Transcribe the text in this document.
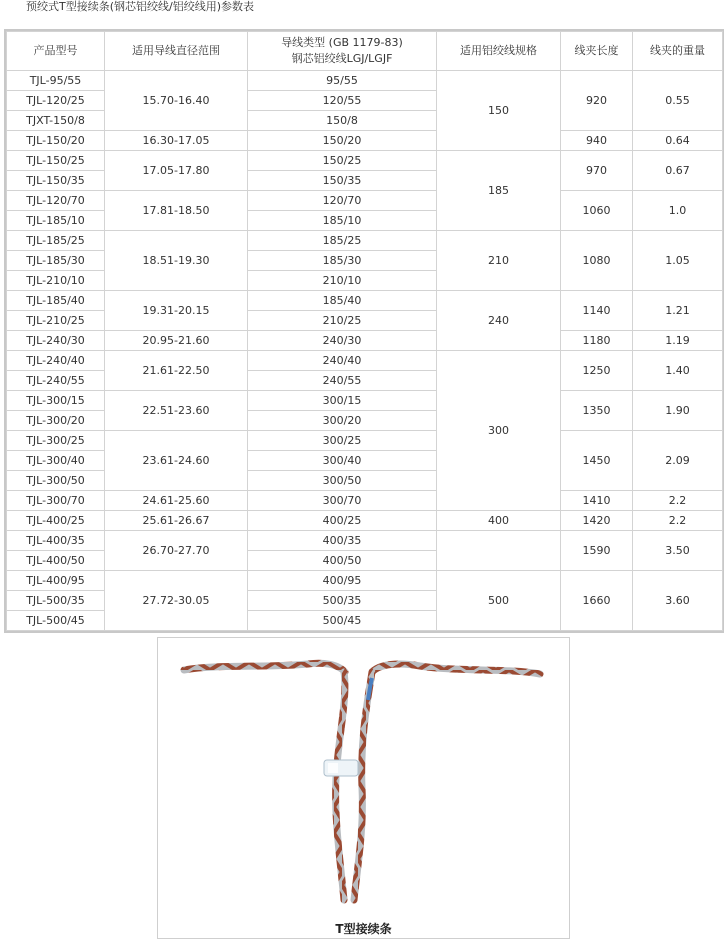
预绞式T型接续条(钢芯铝绞线/铝绞线用)参数表
产品型号	适用导线直径范围	导线类型 (GB 1179-83)
钢芯铝绞线LGJ/LGJF	适用铝绞线规格	线夹长度	线夹的重量
TJL-95/55	15.70-16.40	95/55	150	920	0.55
TJL-120/25		120/55			
TJXT-150/8		150/8			
TJL-150/20	16.30-17.05	150/20		940	0.64
TJL-150/25	17.05-17.80	150/25	185	970	0.67
TJL-150/35		150/35			
TJL-120/70	17.81-18.50	120/70		1060	1.0
TJL-185/10		185/10			
TJL-185/25	18.51-19.30	185/25	210	1080	1.05
TJL-185/30		185/30			
TJL-210/10		210/10			
TJL-185/40	19.31-20.15	185/40	240	1140	1.21
TJL-210/25		210/25			
TJL-240/30	20.95-21.60	240/30		1180	1.19
TJL-240/40	21.61-22.50	240/40	300	1250	1.40
TJL-240/55		240/55			
TJL-300/15	22.51-23.60	300/15		1350	1.90
TJL-300/20		300/20			
TJL-300/25	23.61-24.60	300/25		1450	2.09
TJL-300/40		300/40			
TJL-300/50		300/50			
TJL-300/70	24.61-25.60	300/70		1410	2.2
TJL-400/25	25.61-26.67	400/25	400	1420	2.2
TJL-400/35	26.70-27.70	400/35		1590	3.50
TJL-400/50		400/50			
TJL-400/95	27.72-30.05	400/95	500	1660	3.60
TJL-500/35		500/35			
TJL-500/45		500/45			
T型接续条
